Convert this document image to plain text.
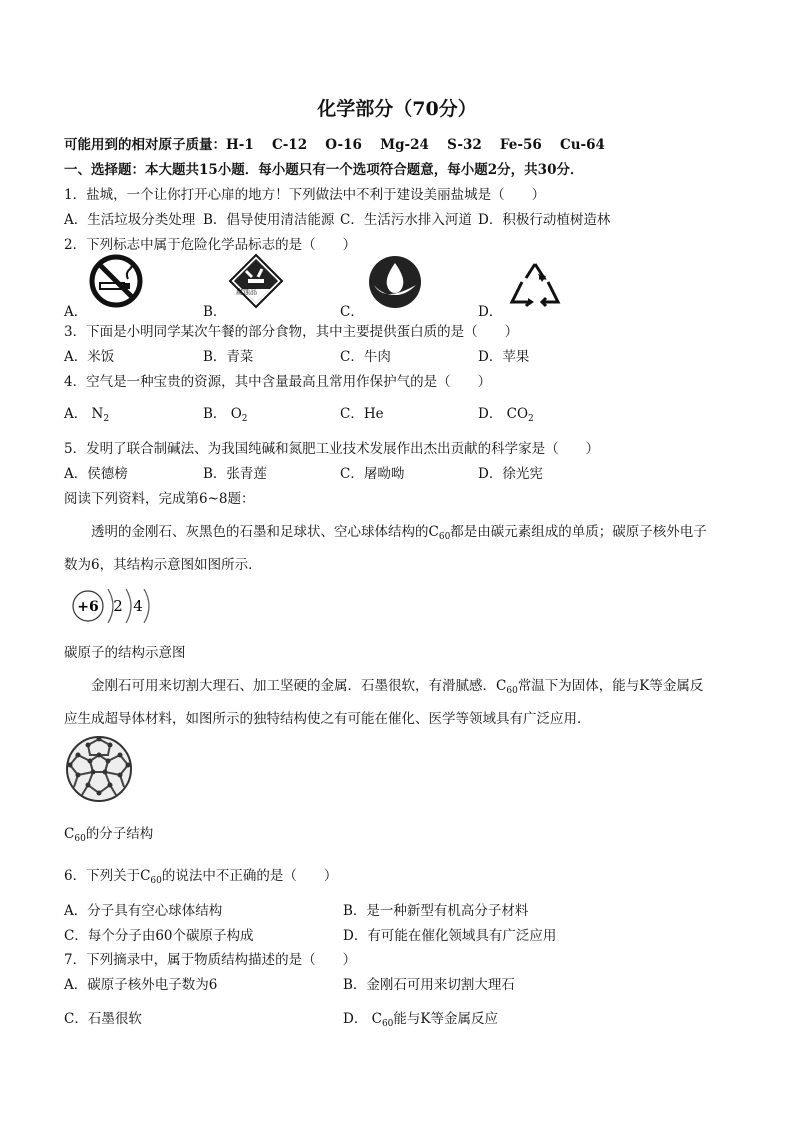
化学部分（70分）
可能用到的相对原子质量：H-1　 C-12　 O-16　 Mg-24　 S-32　 Fe-56　 Cu-64
一、选择题：本大题共15小题．每小题只有一个选项符合题意，每小题2分，共30分．
1．盐城，一个让你打开心扉的地方！下列做法中不利于建设美丽盐城是（　　）
A．生活垃圾分类处理 B．倡导使用清洁能源 C．生活污水排入河道 D．积极行动植树造林
2．下列标志中属于危险化学品标志的是（　　）
A．	B．
腐蚀品
C．	D．
3．下面是小明同学某次午餐的部分食物，其中主要提供蛋白质的是（　　）
A．米饭	B．青菜	C．牛肉	D．苹果
4．空气是一种宝贵的资源，其中含量最高且常用作保护气的是（　　）
A． $N_2$	B． $O_2$	C．He	D． $CO_2$
5．发明了联合制碱法、为我国纯碱和氮肥工业技术发展作出杰出贡献的科学家是（　　）
A．侯德榜	B．张青莲	C．屠呦呦	D．徐光宪
阅读下列资料，完成第6~8题：
透明的金刚石、灰黑色的石墨和足球状、空心球体结构的$C_{60}$都是由碳元素组成的单质；碳原子核外电子
数为6，其结构示意图如图所示．
+6 2 4
碳原子的结构示意图
金刚石可用来切割大理石、加工坚硬的金属．石墨很软，有滑腻感．$C_{60}$常温下为固体，能与K等金属反
应生成超导体材料，如图所示的独特结构使之有可能在催化、医学等领域具有广泛应用．
$C_{60}$的分子结构
6．下列关于$C_{60}$的说法中不正确的是（　　）
A．分子具有空心球体结构	B．是一种新型有机高分子材料
C．每个分子由60个碳原子构成	D．有可能在催化领域具有广泛应用
7．下列摘录中，属于物质结构描述的是（　　）
A．碳原子核外电子数为6	B．金刚石可用来切割大理石
C．石墨很软	D． $C_{60}$能与K等金属反应
